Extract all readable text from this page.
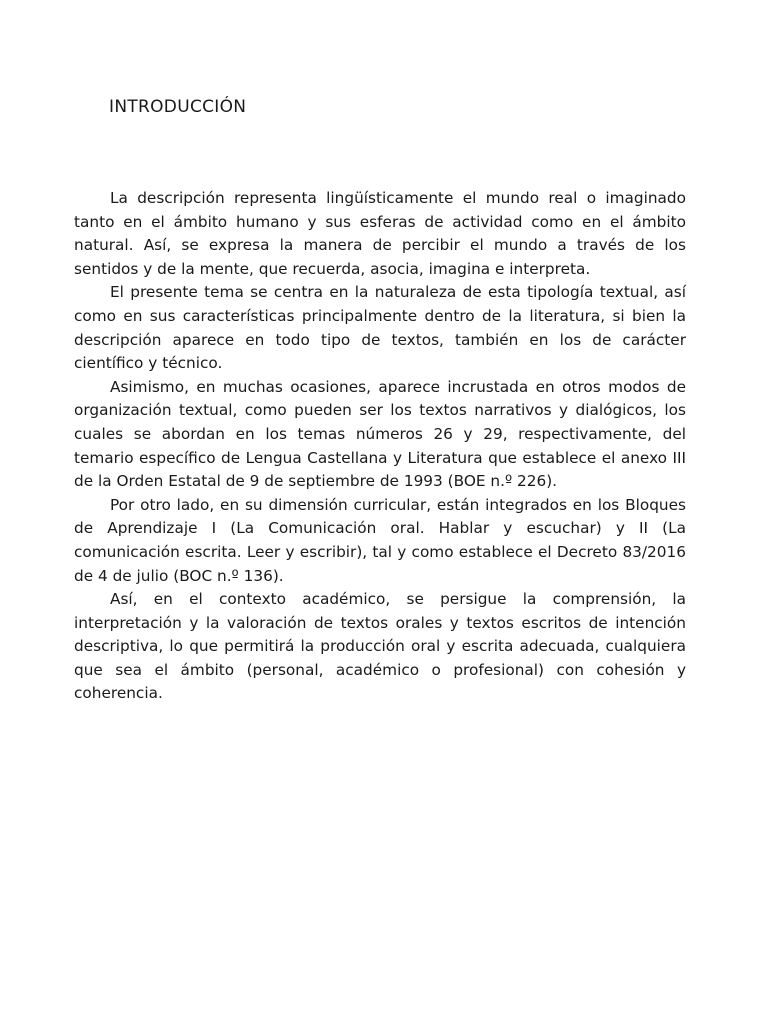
INTRODUCCIÓN

La descripción representa lingüísticamente el mundo real o imaginado tanto en el ámbito humano y sus esferas de actividad como en el ámbito natural. Así, se expresa la manera de percibir el mundo a través de los sentidos y de la mente, que recuerda, asocia, imagina e interpreta.

El presente tema se centra en la naturaleza de esta tipología textual, así como en sus características principalmente dentro de la literatura, si bien la descripción aparece en todo tipo de textos, también en los de carácter científico y técnico.

Asimismo, en muchas ocasiones, aparece incrustada en otros modos de organización textual, como pueden ser los textos narrativos y dialógicos, los cuales se abordan en los temas números 26 y 29, respectivamente, del temario específico de Lengua Castellana y Literatura que establece el anexo III de la Orden Estatal de 9 de septiembre de 1993 (BOE n.º 226).

Por otro lado, en su dimensión curricular, están integrados en los Bloques de Aprendizaje I (La Comunicación oral. Hablar y escuchar) y II (La comunicación escrita. Leer y escribir), tal y como establece el Decreto 83/2016 de 4 de julio (BOC n.º 136).

Así, en el contexto académico, se persigue la comprensión, la interpretación y la valoración de textos orales y textos escritos de intención descriptiva, lo que permitirá la producción oral y escrita adecuada, cualquiera que sea el ámbito (personal, académico o profesional) con cohesión y coherencia.
